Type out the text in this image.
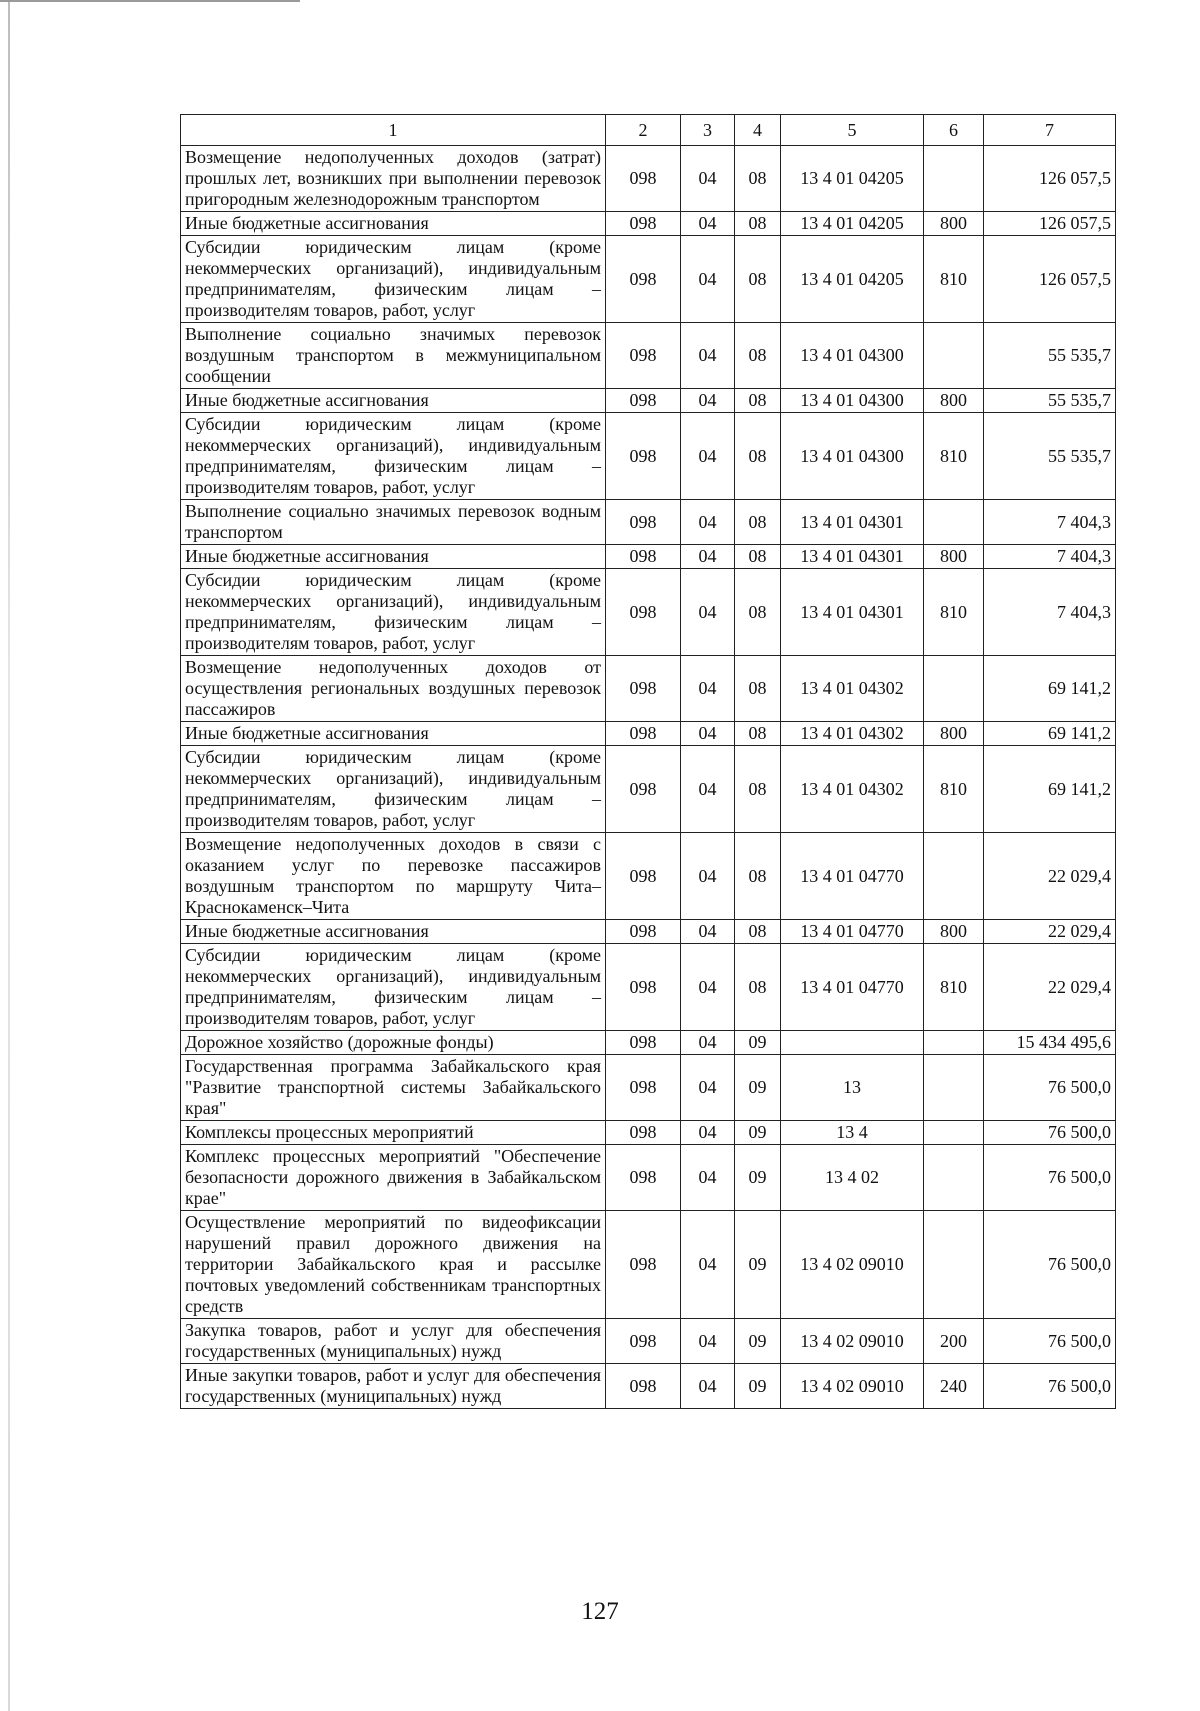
1	2	3	4	5	6	7
Возмещение недополученных доходов (затрат) прошлых лет, возникших при выполнении перевозок пригородным железнодорожным транспортом	098	04	08	13 4 01 04205		126 057,5
Иные бюджетные ассигнования	098	04	08	13 4 01 04205	800	126 057,5
Субсидии юридическим лицам (кроме некоммерческих организаций), индивидуальным предпринимателям, физическим лицам – производителям товаров, работ, услуг	098	04	08	13 4 01 04205	810	126 057,5
Выполнение социально значимых перевозок воздушным транспортом в межмуниципальном сообщении	098	04	08	13 4 01 04300		55 535,7
Иные бюджетные ассигнования	098	04	08	13 4 01 04300	800	55 535,7
Субсидии юридическим лицам (кроме некоммерческих организаций), индивидуальным предпринимателям, физическим лицам – производителям товаров, работ, услуг	098	04	08	13 4 01 04300	810	55 535,7
Выполнение социально значимых перевозок водным транспортом	098	04	08	13 4 01 04301		7 404,3
Иные бюджетные ассигнования	098	04	08	13 4 01 04301	800	7 404,3
Субсидии юридическим лицам (кроме некоммерческих организаций), индивидуальным предпринимателям, физическим лицам – производителям товаров, работ, услуг	098	04	08	13 4 01 04301	810	7 404,3
Возмещение недополученных доходов от осуществления региональных воздушных перевозок пассажиров	098	04	08	13 4 01 04302		69 141,2
Иные бюджетные ассигнования	098	04	08	13 4 01 04302	800	69 141,2
Субсидии юридическим лицам (кроме некоммерческих организаций), индивидуальным предпринимателям, физическим лицам – производителям товаров, работ, услуг	098	04	08	13 4 01 04302	810	69 141,2
Возмещение недополученных доходов в связи с оказанием услуг по перевозке пассажиров воздушным транспортом по маршруту Чита–Краснокаменск–Чита	098	04	08	13 4 01 04770		22 029,4
Иные бюджетные ассигнования	098	04	08	13 4 01 04770	800	22 029,4
Субсидии юридическим лицам (кроме некоммерческих организаций), индивидуальным предпринимателям, физическим лицам – производителям товаров, работ, услуг	098	04	08	13 4 01 04770	810	22 029,4
Дорожное хозяйство (дорожные фонды)	098	04	09			15 434 495,6
Государственная программа Забайкальского края "Развитие транспортной системы Забайкальского края"	098	04	09	13		76 500,0
Комплексы процессных мероприятий	098	04	09	13 4		76 500,0
Комплекс процессных мероприятий "Обеспечение безопасности дорожного движения в Забайкальском крае"	098	04	09	13 4 02		76 500,0
Осуществление мероприятий по видеофиксации нарушений правил дорожного движения на территории Забайкальского края и рассылке почтовых уведомлений собственникам транспортных средств	098	04	09	13 4 02 09010		76 500,0
Закупка товаров, работ и услуг для обеспечения государственных (муниципальных) нужд	098	04	09	13 4 02 09010	200	76 500,0
Иные закупки товаров, работ и услуг для обеспечения государственных (муниципальных) нужд	098	04	09	13 4 02 09010	240	76 500,0
127
